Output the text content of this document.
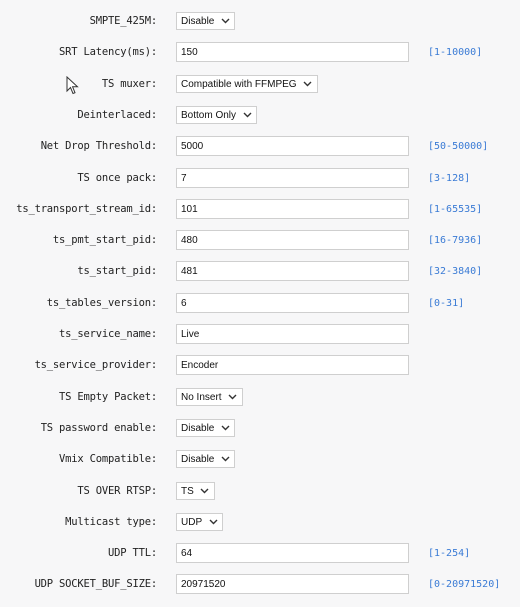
SMPTE_425M: Disable
SRT Latency(ms):	150	[1-10000]
TS muxer: Compatible with FFMPEG
Deinterlaced: Bottom Only
Net Drop Threshold:	5000	[50-50000]
TS once pack:	7	[3-128]
ts_transport_stream_id:	101	[1-65535]
ts_pmt_start_pid:	480	[16-7936]
ts_start_pid:	481	[32-3840]
ts_tables_version:	6	[0-31]
ts_service_name:	Live
ts_service_provider:	Encoder
TS Empty Packet: No Insert
TS password enable: Disable
Vmix Compatible: Disable
TS OVER RTSP: TS
Multicast type: UDP
UDP TTL:	64	[1-254]
UDP SOCKET_BUF_SIZE:	20971520	[0-20971520]
